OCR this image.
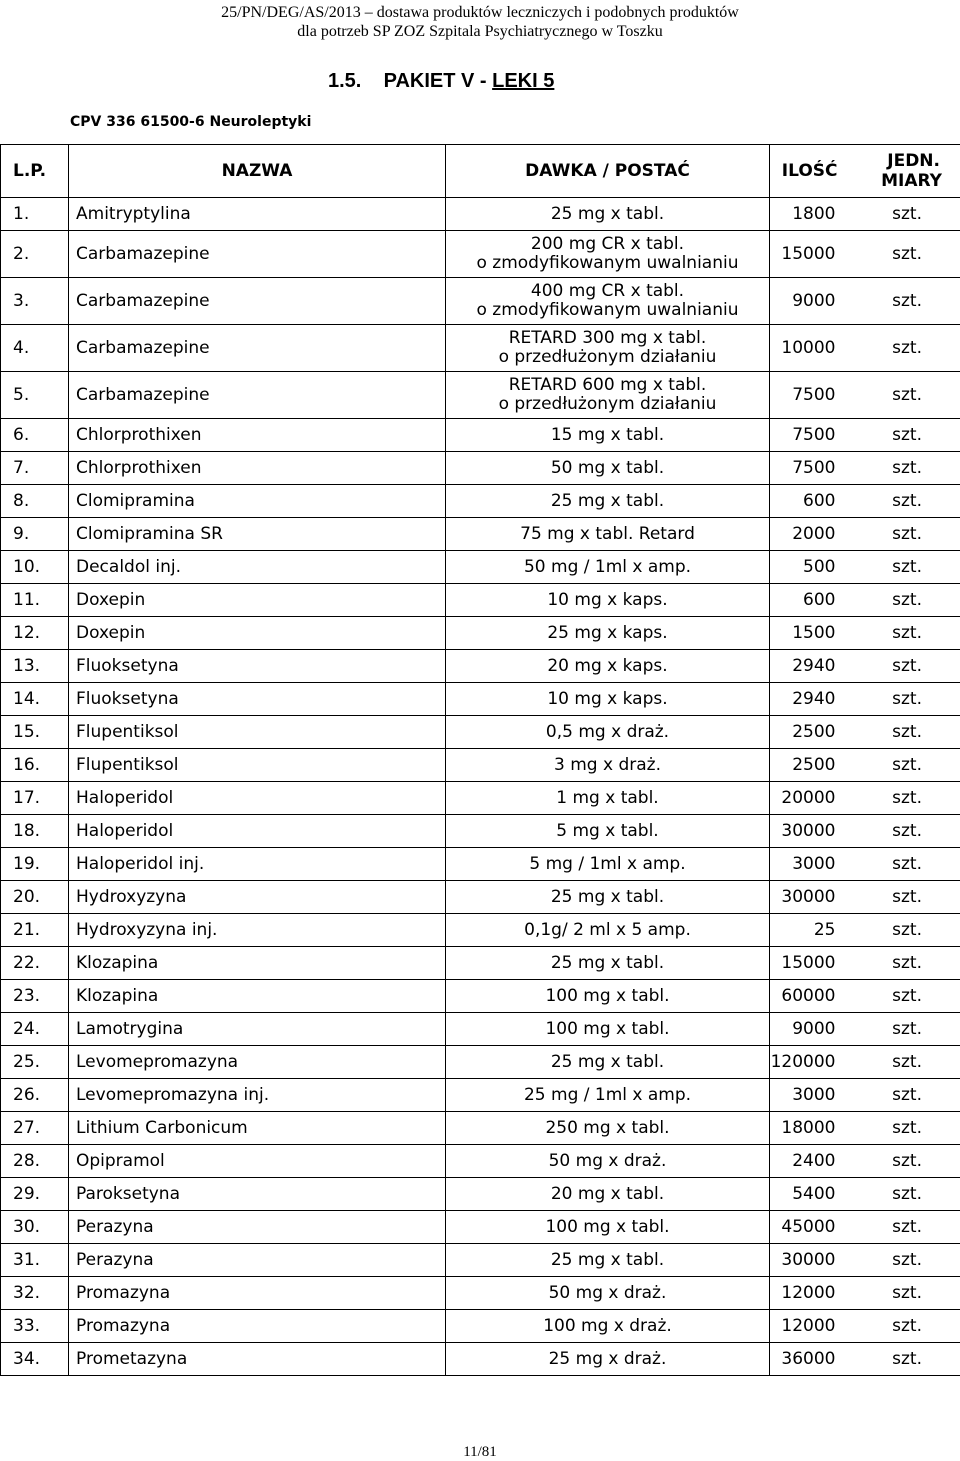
25/PN/DEG/AS/2013 – dostawa produktów leczniczych i podobnych produktów
dla potrzeb SP ZOZ Szpitala Psychiatrycznego w Toszku
1.5. PAKIET V - LEKI 5
CPV 336 61500-6 Neuroleptyki
L.P.	NAZWA	DAWKA / POSTAĆ	ILOŚĆ	JEDN.
MIARY

1.	Amitryptylina	25 mg x tabl.	1800	szt.
2.	Carbamazepine	200 mg CR x tabl.
o zmodyfikowanym uwalnianiu	15000	szt.
3.	Carbamazepine	400 mg CR x tabl.
o zmodyfikowanym uwalnianiu	9000	szt.
4.	Carbamazepine	RETARD 300 mg x tabl.
o przedłużonym działaniu	10000	szt.
5.	Carbamazepine	RETARD 600 mg x tabl.
o przedłużonym działaniu	7500	szt.
6.	Chlorprothixen	15 mg x tabl.	7500	szt.
7.	Chlorprothixen	50 mg x tabl.	7500	szt.
8.	Clomipramina	25 mg x tabl.	600	szt.
9.	Clomipramina SR	75 mg x tabl. Retard	2000	szt.
10.	Decaldol inj.	50 mg / 1ml x amp.	500	szt.
11.	Doxepin	10 mg x kaps.	600	szt.
12.	Doxepin	25 mg x kaps.	1500	szt.
13.	Fluoksetyna	20 mg x kaps.	2940	szt.
14.	Fluoksetyna	10 mg x kaps.	2940	szt.
15.	Flupentiksol	0,5 mg x draż.	2500	szt.
16.	Flupentiksol	3 mg x draż.	2500	szt.
17.	Haloperidol	1 mg x tabl.	20000	szt.
18.	Haloperidol	5 mg x tabl.	30000	szt.
19.	Haloperidol inj.	5 mg / 1ml x amp.	3000	szt.
20.	Hydroxyzyna	25 mg x tabl.	30000	szt.
21.	Hydroxyzyna inj.	0,1g/ 2 ml x 5 amp.	25	szt.
22.	Klozapina	25 mg x tabl.	15000	szt.
23.	Klozapina	100 mg x tabl.	60000	szt.
24.	Lamotrygina	100 mg x tabl.	9000	szt.
25.	Levomepromazyna	25 mg x tabl.	120000	szt.
26.	Levomepromazyna inj.	25 mg / 1ml x amp.	3000	szt.
27.	Lithium Carbonicum	250 mg x tabl.	18000	szt.
28.	Opipramol	50 mg x draż.	2400	szt.
29.	Paroksetyna	20 mg x tabl.	5400	szt.
30.	Perazyna	100 mg x tabl.	45000	szt.
31.	Perazyna	25 mg x tabl.	30000	szt.
32.	Promazyna	50 mg x draż.	12000	szt.
33.	Promazyna	100 mg x draż.	12000	szt.
34.	Prometazyna	25 mg x draż.	36000	szt.
11/81
